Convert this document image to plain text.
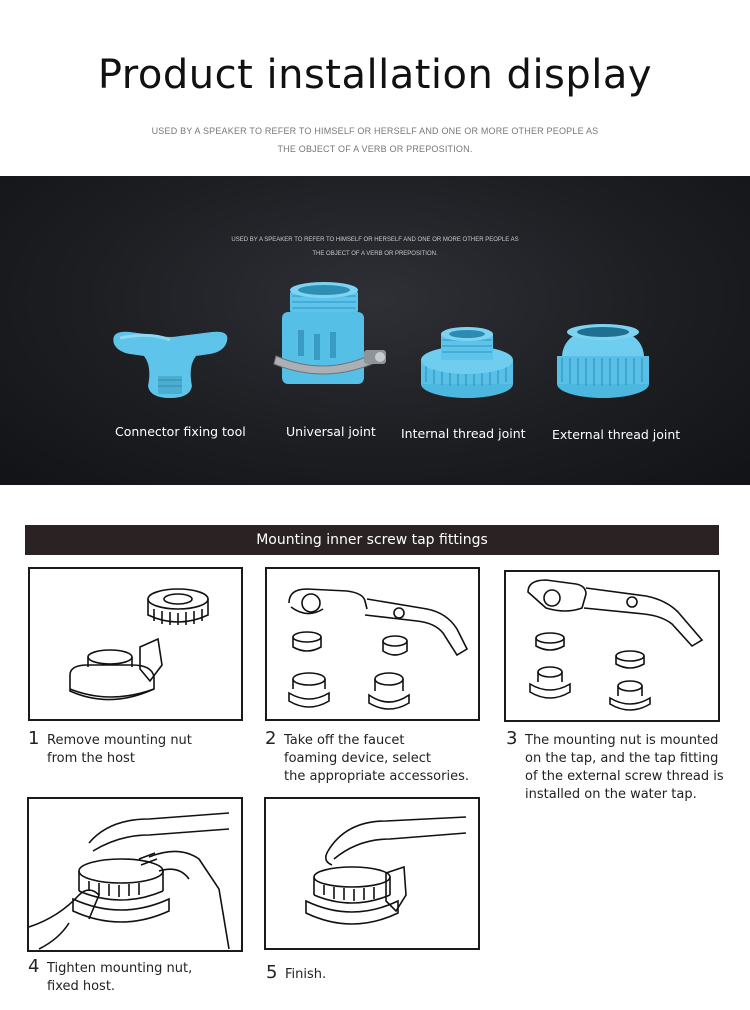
Product installation display
USED BY A SPEAKER TO REFER TO HIMSELF OR HERSELF AND ONE OR MORE OTHER PEOPLE AS
THE OBJECT OF A VERB OR PREPOSITION.
USED BY A SPEAKER TO REFER TO HIMSELF OR HERSELF AND ONE OR MORE OTHER PEOPLE AS
THE OBJECT OF A VERB OR PREPOSITION.
Connector fixing tool	Universal joint Internal thread joint External thread joint
Mounting inner screw tap fittings
1 Remove mounting nut
from the host
2 Take off the faucet
foaming device, select
the appropriate accessories.
3 The mounting nut is mounted
on the tap, and the tap fitting
of the external screw thread is
installed on the water tap.
4 Tighten mounting nut,
fixed host.
5 Finish.
